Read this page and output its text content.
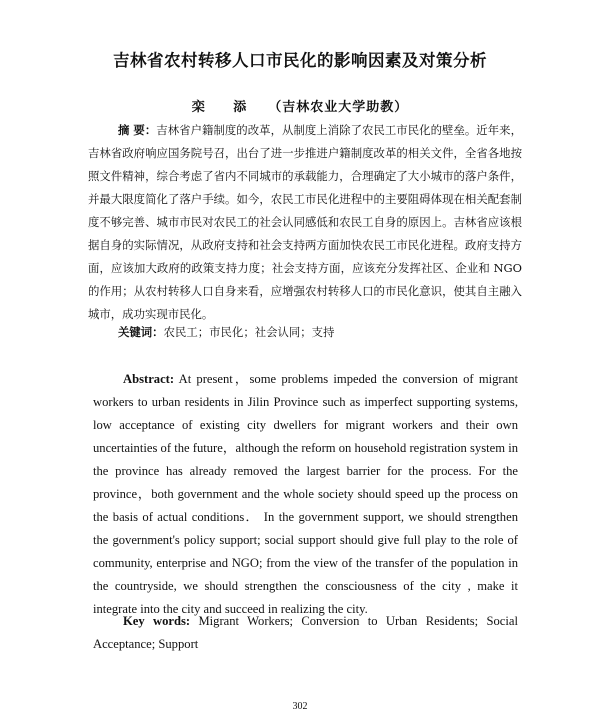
吉林省农村转移人口市民化的影响因素及对策分析
栾 添 （吉林农业大学助教）
摘 要：吉林省户籍制度的改革，从制度上消除了农民工市民化的壁垒。近年来，吉林省政府响应国务院号召，出台了进一步推进户籍制度改革的相关文件，全省各地按照文件精神，综合考虑了省内不同城市的承载能力，合理确定了大小城市的落户条件，并最大限度简化了落户手续。如今，农民工市民化进程中的主要阻碍体现在相关配套制度不够完善、城市市民对农民工的社会认同感低和农民工自身的原因上。吉林省应该根据自身的实际情况，从政府支持和社会支持两方面加快农民工市民化进程。政府支持方面，应该加大政府的政策支持力度；社会支持方面，应该充分发挥社区、企业和 NGO 的作用；从农村转移人口自身来看，应增强农村转移人口的市民化意识，使其自主融入城市，成功实现市民化。
关键词：农民工；市民化；社会认同；支持
Abstract: At present，some problems impeded the conversion of migrant workers to urban residents in Jilin Province such as imperfect supporting systems, low acceptance of existing city dwellers for migrant workers and their own uncertainties of the future，although the reform on household registration system in the province has already removed the largest barrier for the process. For the province，both government and the whole society should speed up the process on the basis of actual conditions． In the government support, we should strengthen the government's policy support; social support should give full play to the role of community, enterprise and NGO; from the view of the transfer of the population in the countryside, we should strengthen the consciousness of the city , make it integrate into the city and succeed in realizing the city.
Key words: Migrant Workers; Conversion to Urban Residents; Social Acceptance; Support
302
